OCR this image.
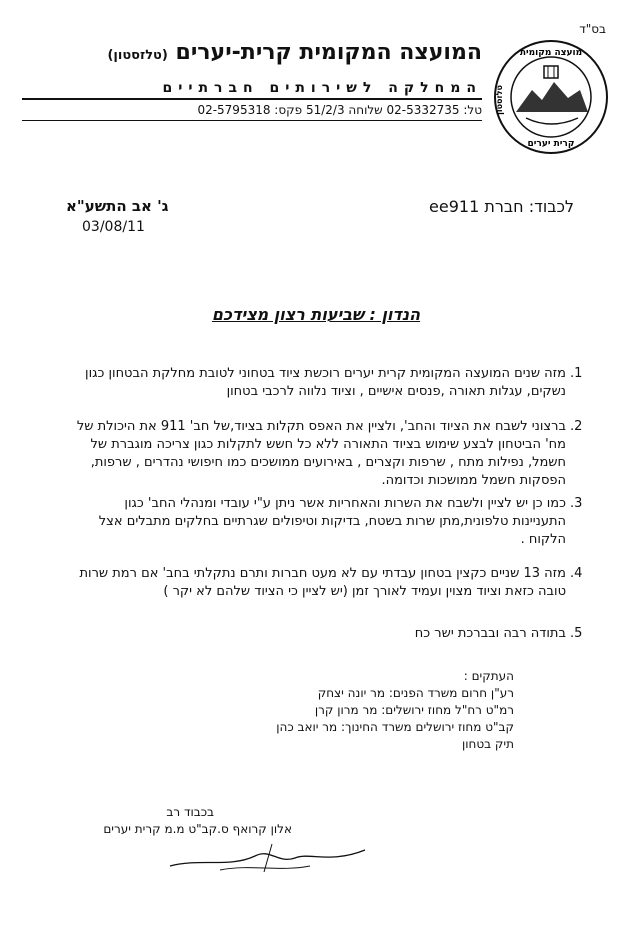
בס"ד
מועצה מקומית
קרית יערים
טלזסטון
המועצה המקומית קרית-יערים (טלזסטון)
המחלקה לשירותים חברתיים
טל: 02-5332735 שלוחה 51/2/3 פקס: 02-5795318
לכבוד: חברת ee911
ג' אב התשע"א
03/08/11
הנדון : שביעות רצון מצידכם
1.
מזה שנים המועצה המקומית קרית יערים רוכשת ציוד בטחוני לטובת מחלקת הבטחון כגון נשקים, עגלות תאורה ,פנסים אישיים , וציוד נלווה לרכבי בטחון
2.
ברצוני לשבח את הציוד והחב', ולציין את האפס תקלות בציוד,של חב' 911 את היכולת של מח' הביטחון לבצע שימוש בציוד התאורה ללא כל חשש לתקלות כגון צריכה מוגברת של חשמל, נפילות מתח , שרפות וקצרים , באירועים ממושכים כמו חיפושי נהדרים , שרפות, הפסקות חשמל ממושכות וכדומה.
3.
כמו כן יש לציין ולשבח את השרות והאחריות אשר ניתן ע"י עובדי ומנהלי החב' כגון התעניינות טלפונית,מתן שרות בשטח, בדיקות וטיפולים שגרתיים בחלקים מתבלים אצל הלקוח .
4.
מזה 13 שניים כקצין בטחון עבדתי עם לא מעט חברות ותרם נתקלתי בחב' אם רמת שרות טובה כזאת וציוד מצוין ועמיד לאורך זמן (יש לציין כי הציוד שלהם לא יקר )
5.
בתודה רבה ובברכת ישר כח
העתקים :
רע"ן חרום משרד הפנים: מר יונה יצחק
רמ"ט רח"ל מחוז ירושלים: מר מרון קרן
קב"ט מחוז ירושלים משרד החינוך: מר יואב כהן
תיק בטחון
בכבוד רב
אלון קרואף ס.קב"ט מ.מ קרית יערים
